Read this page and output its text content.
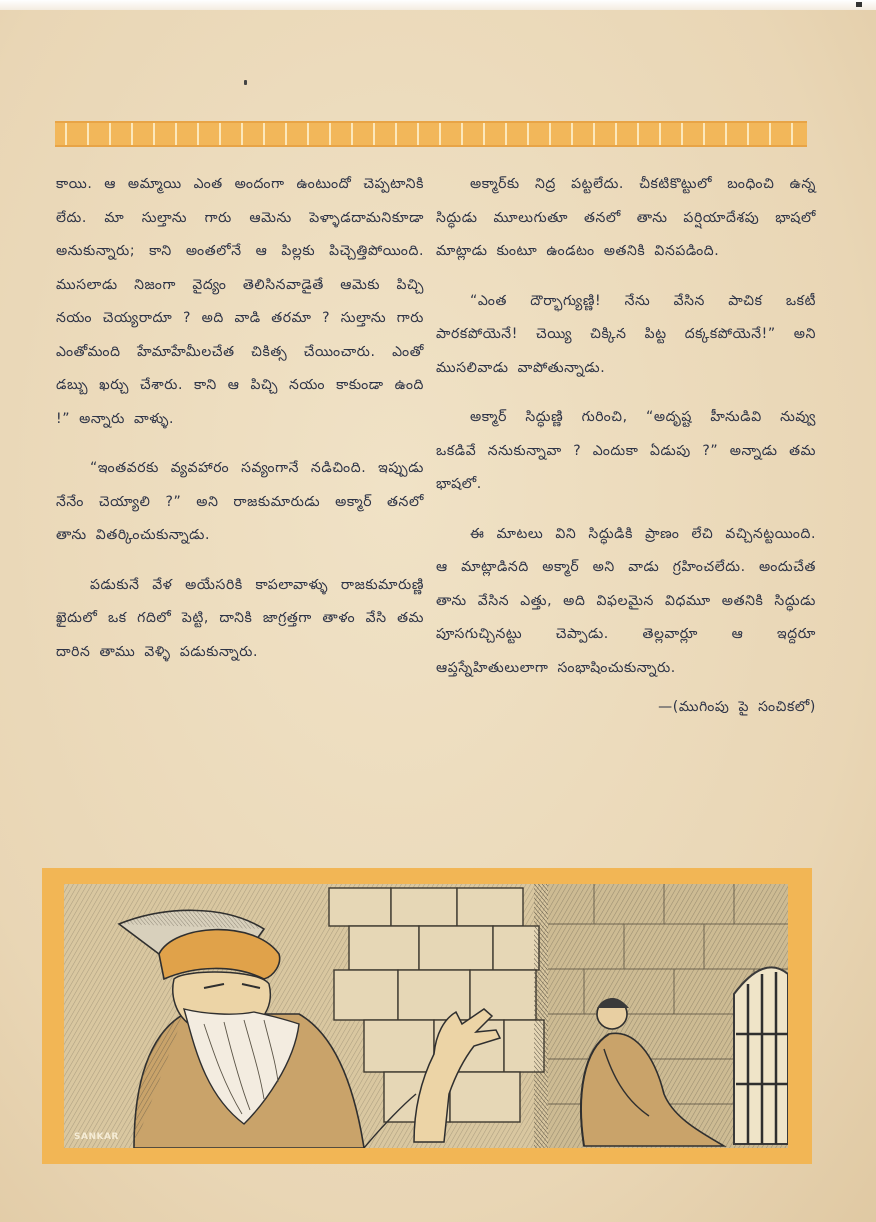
కాయి. ఆ అమ్మాయి ఎంత అందంగా ఉంటుందో చెప్పటానికి లేదు. మా సుల్తాను గారు ఆమెను పెళ్ళాడదామనికూడా అనుకున్నారు; కాని అంతలోనే ఆ పిల్లకు పిచ్చెత్తిపోయింది. ముసలాడు నిజంగా వైద్యం తెలిసినవాడైతే ఆమెకు పిచ్చి నయం చెయ్యరాదూ ? అది వాడి తరమా ? సుల్తాను గారు ఎంతోమంది హేమాహేమీలచేత చికిత్స చేయించారు. ఎంతో డబ్బు ఖర్చు చేశారు. కాని ఆ పిచ్చి నయం కాకుండా ఉంది !” అన్నారు వాళ్ళు.

“ఇంతవరకు వ్యవహారం సవ్యంగానే నడిచింది. ఇప్పుడు నేనేం చెయ్యాలి ?” అని రాజకుమారుడు అక్మార్ తనలో తాను వితర్కించుకున్నాడు.

పడుకునే వేళ అయేసరికి కాపలావాళ్ళు రాజకుమారుణ్ణి ఖైదులో ఒక గదిలో పెట్టి, దానికి జాగ్రత్తగా తాళం వేసి తమ దారిన తాము వెళ్ళి పడుకున్నారు.

అక్మార్‌కు నిద్ర పట్టలేదు. చీకటికొట్టులో బంధించి ఉన్న సిద్ధుడు మూలుగుతూ తనలో తాను పర్షియాదేశపు భాషలో మాట్లాడు కుంటూ ఉండటం అతనికి వినపడింది.

“ఎంత దౌర్భాగ్యుణ్ణి! నేను వేసిన పాచిక ఒకటీ పారకపోయెనే! చెయ్యి చిక్కిన పిట్ట దక్కకపోయెనే!” అని ముసలివాడు వాపోతున్నాడు.

అక్మార్ సిద్ధుణ్ణి గురించి, “అదృష్ట హీనుడివి నువ్వు ఒకడివే ననుకున్నావా ? ఎందుకా ఏడుపు ?” అన్నాడు తమ భాషలో.

ఈ మాటలు విని సిద్ధుడికి ప్రాణం లేచి వచ్చినట్టయింది. ఆ మాట్లాడినది అక్మార్ అని వాడు గ్రహించలేదు. అందుచేత తాను వేసిన ఎత్తు, అది విఫలమైన విధమూ అతనికి సిద్ధుడు పూసగుచ్చినట్టు చెప్పాడు. తెల్లవార్లూ ఆ ఇద్దరూ ఆప్తస్నేహితులులాగా సంభాషించుకున్నారు.

—(ముగింపు పై సంచికలో)

SANKAR
